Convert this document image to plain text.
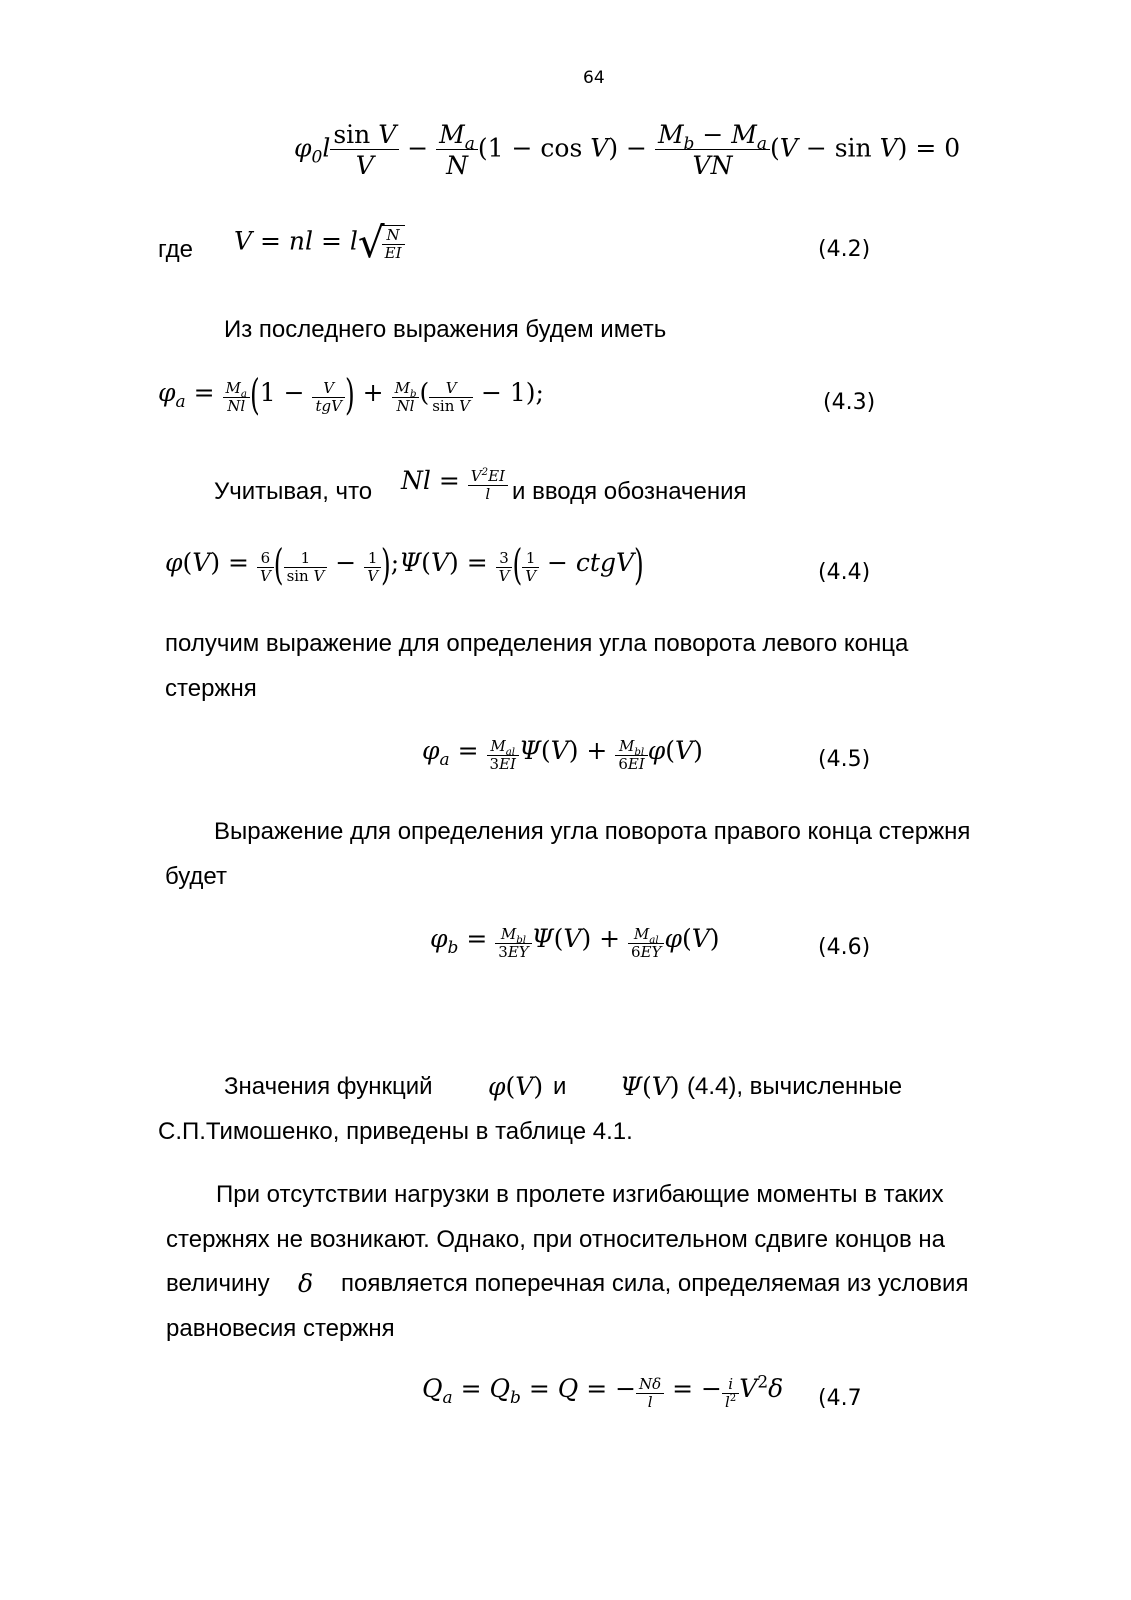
64
$\varphi_0l \frac{\text{sin V}}{V} - \frac{M_a}{N} (1 - \cos V) - \frac{M_b - M_a}{VN} (V - \sin V) = 0$
где V = nl = l√
$\frac{N}{EI}$	(4.2)
Из последнего выражения будем иметь
$\varphi_a = \frac{M_a}{Nl} (1 - \frac{V}{\text{tgV}}$ ) + $\frac{M_b}{Nl}$ ( $\frac{V}{\text{sin V}} - 1$);	(4.3)
Учитывая, что $Nl = \frac{V^2EI}{l}$ и вводя обозначения
$\varphi(V) = \frac{6}{V}$ ( $\frac{1}{\text{sin V}} - \frac{1}{V}$ );Ψ(V) = $\frac{3}{V}$ ( $\frac{1}{V}$ − ctgV)	(4.4)
получим выражение для определения угла поворота левого конца
стержня
$\varphi_a = \frac{M_{al}}{3EI} \Psi(V) + \frac{M_{bl}}{6EI} \varphi(V)$	(4.5)
Выражение для определения угла поворота правого конца стержня
будет
$\varphi_b = \frac{M_{bl}}{3EY} \Psi(V) + \frac{M_{al}}{6EY} \varphi(V)$	(4.6)
Значения функций φ(V) и Ψ(V) (4.4), вычисленные
С.П.Тимошенко, приведены в таблице 4.1.
При отсутствии нагрузки в пролете изгибающие моменты в таких
стержнях не возникают. Однако, при относительном сдвиге концов на
величину δ появляется поперечная сила, определяемая из условия
равновесия стержня
$Q_a = Q_b = Q$ = − $\frac{N\delta}{l}$ = − $\frac{i}{l^2} V^2\delta$ (4.7
